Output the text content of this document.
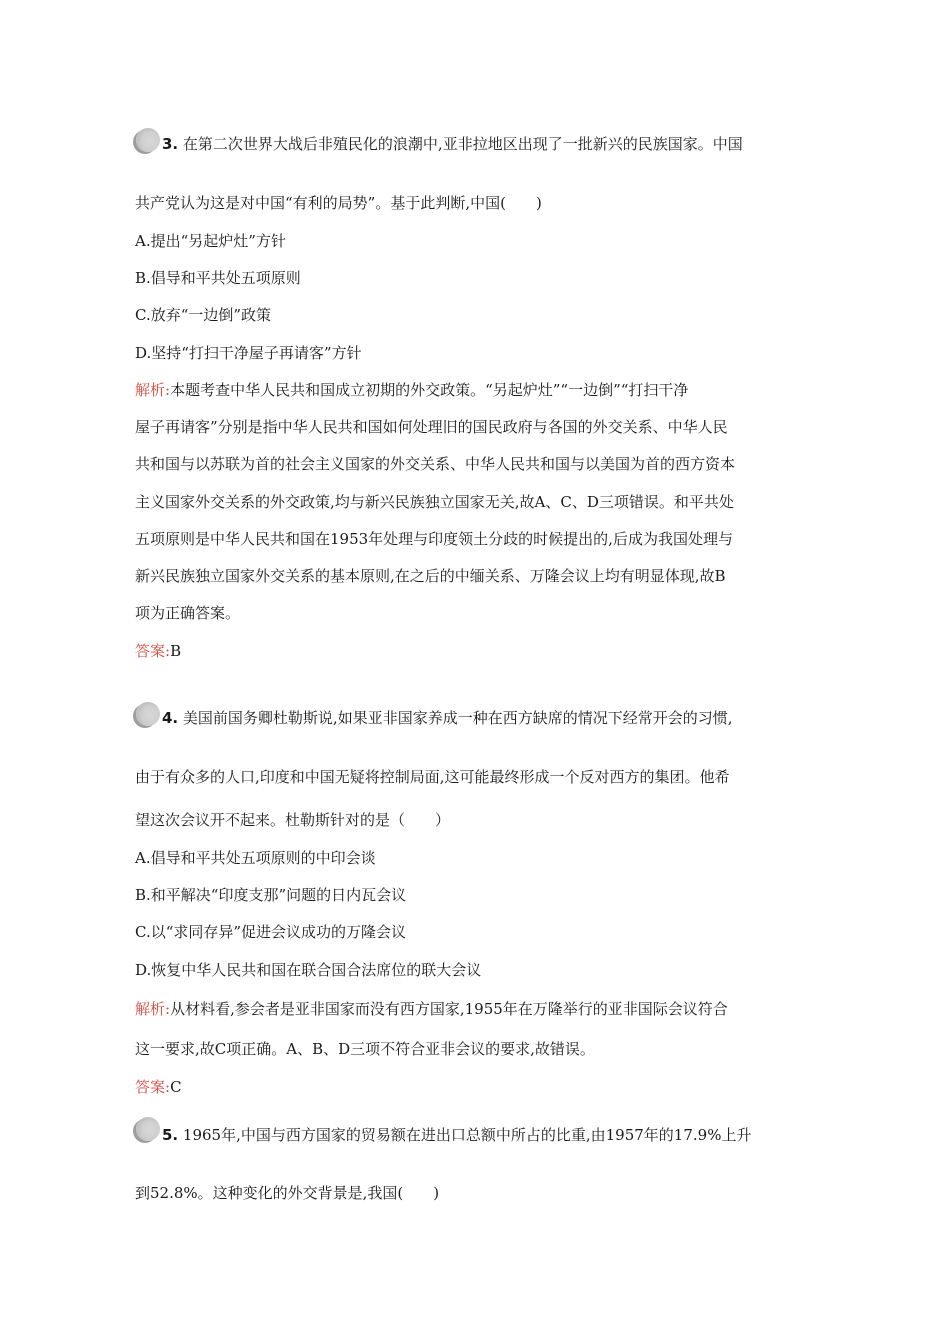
3. 在第二次世界大战后非殖民化的浪潮中,亚非拉地区出现了一批新兴的民族国家。中国
共产党认为这是对中国“有利的局势”。基于此判断,中国(　　)
A.提出“另起炉灶”方针
B.倡导和平共处五项原则
C.放弃“一边倒”政策
D.坚持“打扫干净屋子再请客”方针
解析:本题考查中华人民共和国成立初期的外交政策。“另起炉灶”“一边倒”“打扫干净
屋子再请客”分别是指中华人民共和国如何处理旧的国民政府与各国的外交关系、中华人民
共和国与以苏联为首的社会主义国家的外交关系、中华人民共和国与以美国为首的西方资本
主义国家外交关系的外交政策,均与新兴民族独立国家无关,故A、C、D三项错误。和平共处
五项原则是中华人民共和国在1953年处理与印度领土分歧的时候提出的,后成为我国处理与
新兴民族独立国家外交关系的基本原则,在之后的中缅关系、万隆会议上均有明显体现,故B
项为正确答案。
答案:B
4. 美国前国务卿杜勒斯说,如果亚非国家养成一种在西方缺席的情况下经常开会的习惯,
由于有众多的人口,印度和中国无疑将控制局面,这可能最终形成一个反对西方的集团。他希
望这次会议开不起来。杜勒斯针对的是（　　）
A.倡导和平共处五项原则的中印会谈
B.和平解决“印度支那”问题的日内瓦会议
C.以“求同存异”促进会议成功的万隆会议
D.恢复中华人民共和国在联合国合法席位的联大会议
解析:从材料看,参会者是亚非国家而没有西方国家,1955年在万隆举行的亚非国际会议符合
这一要求,故C项正确。A、B、D三项不符合亚非会议的要求,故错误。
答案:C
5. 1965年,中国与西方国家的贸易额在进出口总额中所占的比重,由1957年的17.9%上升
到52.8%。这种变化的外交背景是,我国(　　)
